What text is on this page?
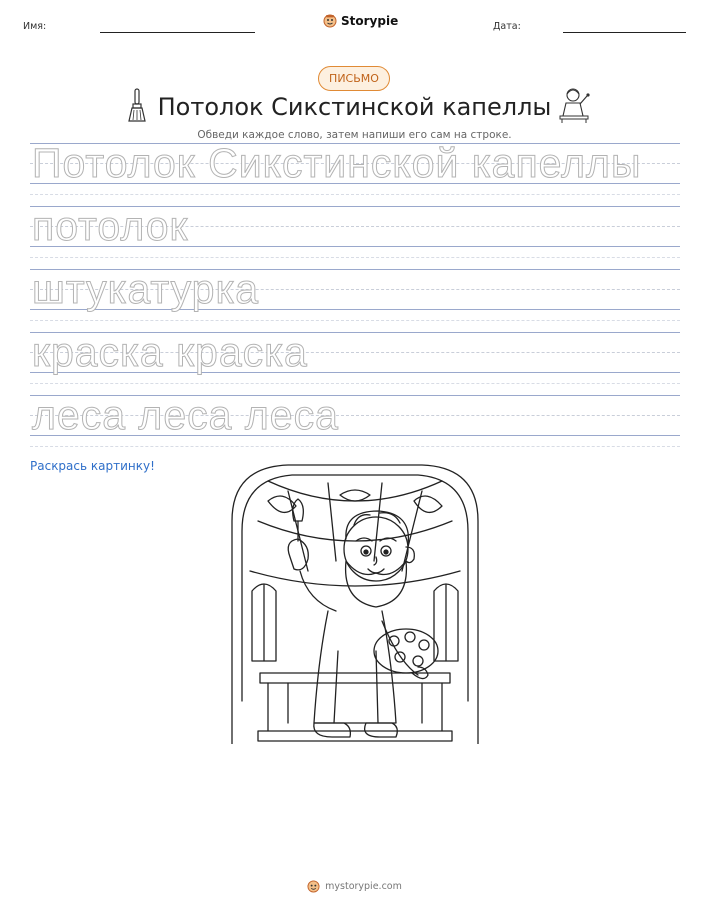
Имя:	Storypie	Дата:
ПИСЬМО
Потолок Сикстинской капеллы
Обведи каждое слово, затем напиши его сам на строке.
Потолок Сикстинской капеллы
потолок
штукатурка
краска краска
леса леса леса
Раскрась картинку!
mystorypie.com
